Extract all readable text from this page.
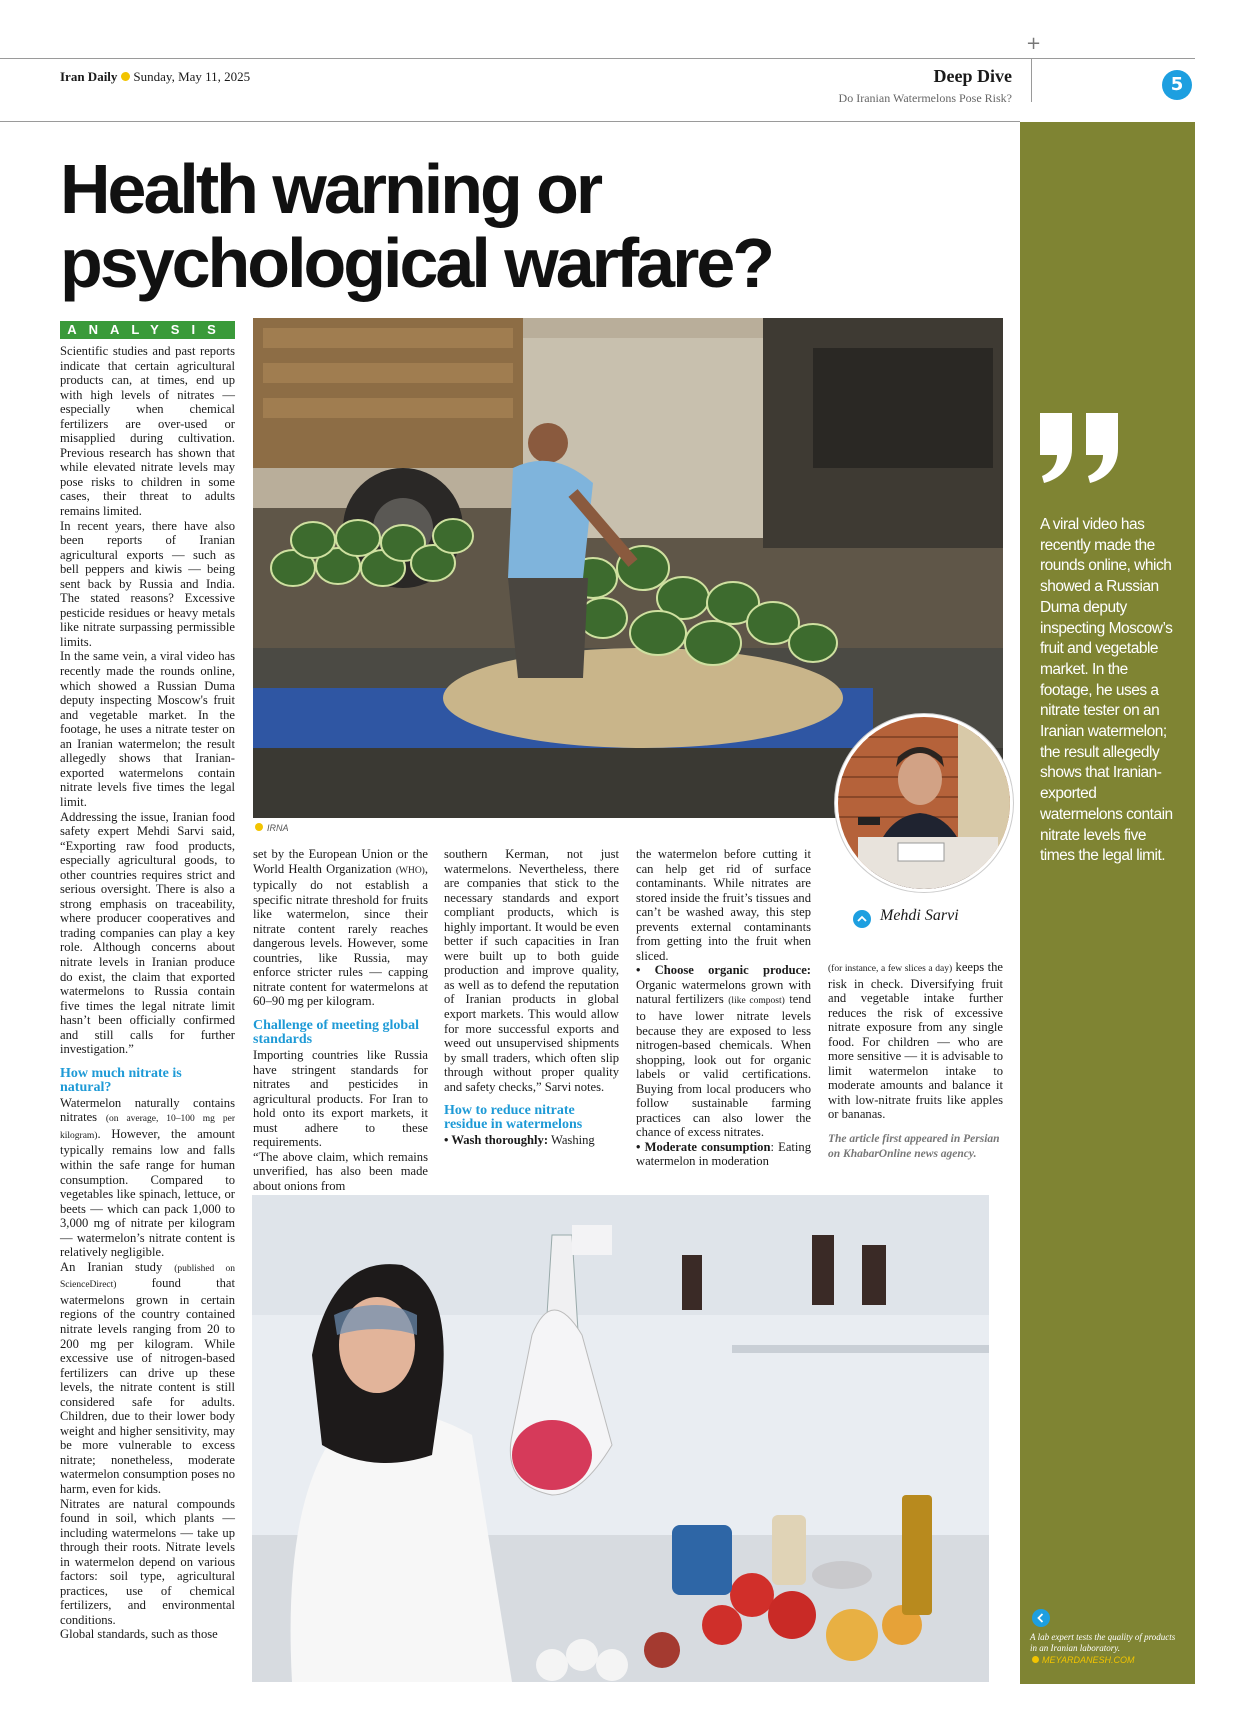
+
Iran Daily Sunday, May 11, 2025	Deep Dive
Do Iranian Watermelons Pose Risk?
5
A viral video has recently made the rounds online, which showed a Russian Duma deputy inspecting Moscow’s fruit and vegetable market. In the footage, he uses a nitrate tester on an Iranian watermelon; the result allegedly shows that Iranian-exported watermelons contain nitrate levels five times the legal limit.
A lab expert tests the quality of products in an Iranian laboratory.
MEYARDANESH.COM
Health warning or
psychological warfare?
ANALYSIS
IRNA
Mehdi Sarvi

Scientific studies and past reports indicate that certain agricultural products can, at times, end up with high levels of nitrates — especially when chemical fertilizers are over-used or misapplied during cultivation. Previous research has shown that while elevated nitrate levels may pose risks to children in some cases, their threat to adults remains limited.

In recent years, there have also been reports of Iranian agricultural exports — such as bell peppers and kiwis — being sent back by Russia and India. The stated reasons? Excessive pesticide residues or heavy metals like nitrate surpassing permissible limits.

In the same vein, a viral video has recently made the rounds online, which showed a Russian Duma deputy inspecting Moscow's fruit and vegetable market. In the footage, he uses a nitrate tester on an Iranian watermelon; the result allegedly shows that Iranian-exported watermelons contain nitrate levels five times the legal limit.

Addressing the issue, Iranian food safety expert Mehdi Sarvi said, “Exporting raw food products, especially agricultural goods, to other countries requires strict and serious oversight. There is also a strong emphasis on traceability, where producer cooperatives and trading companies can play a key role. Although concerns about nitrate levels in Iranian produce do exist, the claim that exported watermelons to Russia contain five times the legal nitrate limit hasn’t been officially confirmed and still calls for further investigation.”

How much nitrate is natural?

Watermelon naturally contains nitrates (on average, 10–100 mg per kilogram). However, the amount typically remains low and falls within the safe range for human consumption. Compared to vegetables like spinach, lettuce, or beets — which can pack 1,000 to 3,000 mg of nitrate per kilogram — watermelon’s nitrate content is relatively negligible.

An Iranian study (published on ScienceDirect) found that watermelons grown in certain regions of the country contained nitrate levels ranging from 20 to 200 mg per kilogram. While excessive use of nitrogen-based fertilizers can drive up these levels, the nitrate content is still considered safe for adults. Children, due to their lower body weight and higher sensitivity, may be more vulnerable to excess nitrate; nonetheless, moderate watermelon consumption poses no harm, even for kids.

Nitrates are natural compounds found in soil, which plants — including watermelons — take up through their roots. Nitrate levels in watermelon depend on various factors: soil type, agricultural practices, use of chemical fertilizers, and environmental conditions.

Global standards, such as those

set by the European Union or the World Health Organization (WHO), typically do not establish a specific nitrate threshold for fruits like watermelon, since their nitrate content rarely reaches dangerous levels. However, some countries, like Russia, may enforce stricter rules — capping nitrate content for watermelons at 60–90 mg per kilogram.

Challenge of meeting global standards

Importing countries like Russia have stringent standards for nitrates and pesticides in agricultural products. For Iran to hold onto its export markets, it must adhere to these requirements.

“The above claim, which remains unverified, has also been made about onions from

southern Kerman, not just watermelons. Nevertheless, there are companies that stick to the necessary standards and export compliant products, which is highly important. It would be even better if such capacities in Iran were built up to both guide production and improve quality, as well as to defend the reputation of Iranian products in global export markets. This would allow for more successful exports and weed out unsupervised shipments by small traders, which often slip through without proper quality and safety checks,” Sarvi notes.

How to reduce nitrate residue in watermelons

• Wash thoroughly: Washing

the watermelon before cutting it can help get rid of surface contaminants. While nitrates are stored inside the fruit’s tissues and can’t be washed away, this step prevents external contaminants from getting into the fruit when sliced.

• Choose organic produce: Organic watermelons grown with natural fertilizers (like compost) tend to have lower nitrate levels because they are exposed to less nitrogen-based chemicals. When shopping, look out for organic labels or valid certifications. Buying from local producers who follow sustainable farming practices can also lower the chance of excess nitrates.

• Moderate consumption: Eating watermelon in moderation

(for instance, a few slices a day) keeps the risk in check. Diversifying fruit and vegetable intake further reduces the risk of excessive nitrate exposure from any single food. For children — who are more sensitive — it is advisable to limit watermelon intake to moderate amounts and balance it with low-nitrate fruits like apples or bananas.

The article first appeared in Persian on KhabarOnline news agency.
